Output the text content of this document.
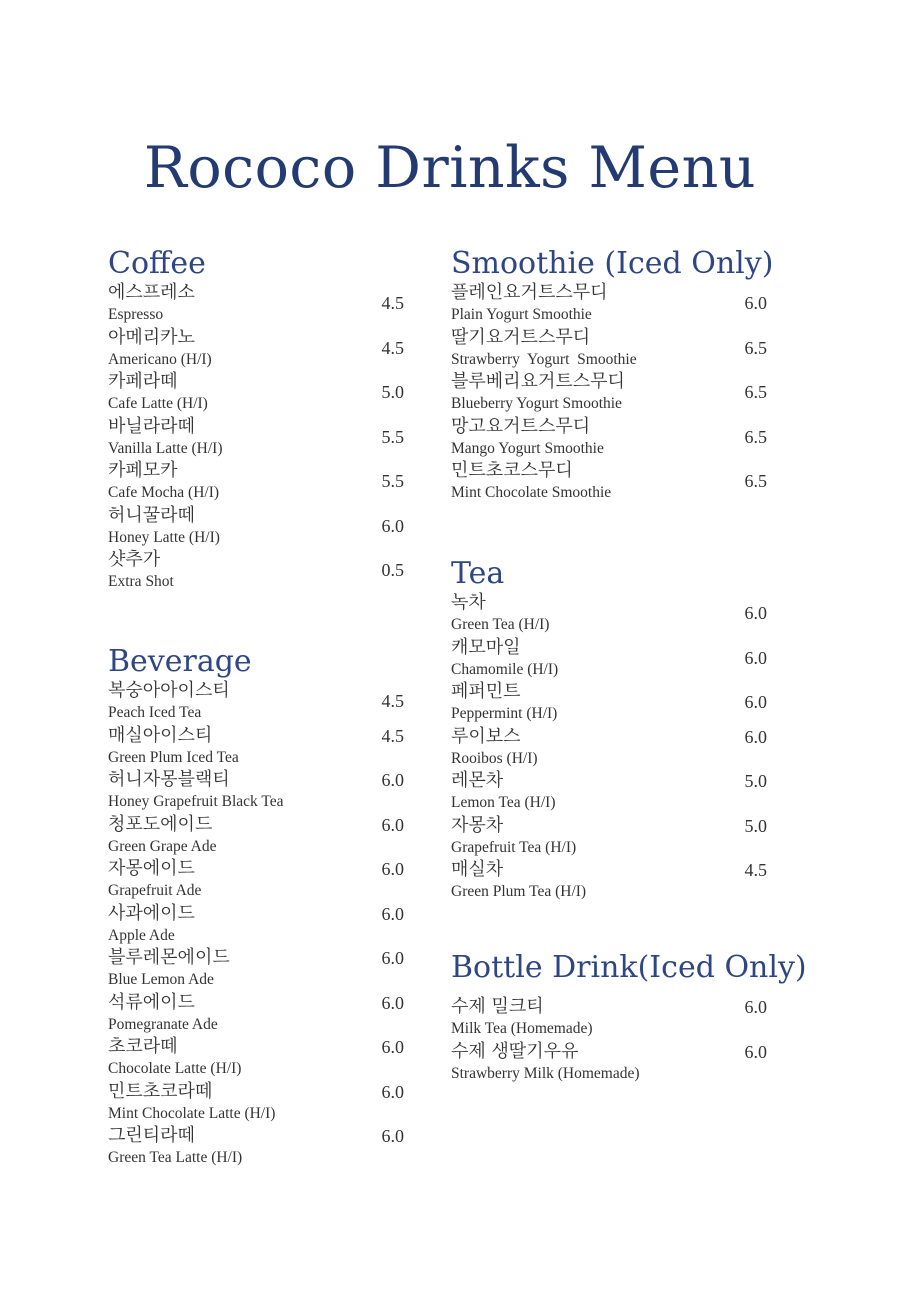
Rococo Drinks Menu
Coffee
에스프레소
Espresso
4.5
아메리카노
Americano (H/I)
4.5
카페라떼
Cafe Latte (H/I)
5.0
바닐라라떼
Vanilla Latte (H/I)
5.5
카페모카
Cafe Mocha (H/I)
5.5
허니꿀라떼
Honey Latte (H/I)
6.0
샷추가
Extra Shot
0.5
Beverage
복숭아아이스티
Peach Iced Tea
4.5
매실아이스티
Green Plum Iced Tea
4.5
허니자몽블랙티
Honey Grapefruit Black Tea
6.0
청포도에이드
Green Grape Ade
6.0
자몽에이드
Grapefruit Ade
6.0
사과에이드
Apple Ade
6.0
블루레몬에이드
Blue Lemon Ade
6.0
석류에이드
Pomegranate Ade
6.0
초코라떼
Chocolate Latte (H/I)
6.0
민트초코라떼
Mint Chocolate Latte (H/I)
6.0
그린티라떼
Green Tea Latte (H/I)
6.0
Smoothie (Iced Only)
플레인요거트스무디
Plain Yogurt Smoothie
6.0
딸기요거트스무디
Strawberry  Yogurt  Smoothie
6.5
블루베리요거트스무디
Blueberry Yogurt Smoothie
6.5
망고요거트스무디
Mango Yogurt Smoothie
6.5
민트초코스무디
Mint Chocolate Smoothie
6.5
Tea
녹차
Green Tea (H/I)
6.0
캐모마일
Chamomile (H/I)
6.0
페퍼민트
Peppermint (H/I)
6.0
루이보스
Rooibos (H/I)
6.0
레몬차
Lemon Tea (H/I)
5.0
자몽차
Grapefruit Tea (H/I)
5.0
매실차
Green Plum Tea (H/I)
4.5
Bottle Drink(Iced Only)
수제 밀크티
Milk Tea (Homemade)
6.0
수제 생딸기우유
Strawberry Milk (Homemade)
6.0
